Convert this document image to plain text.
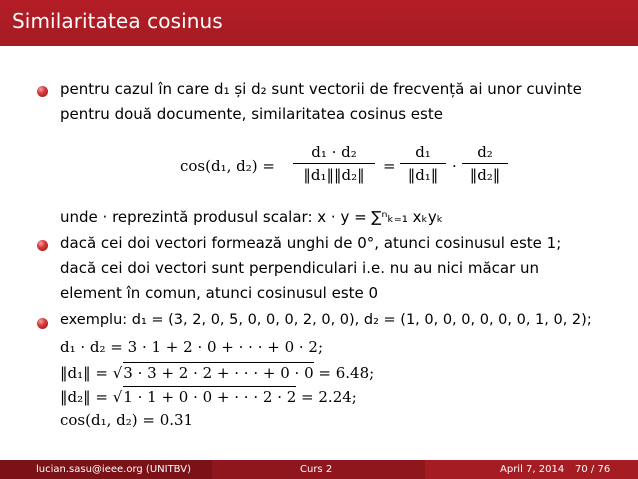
Similaritatea cosinus
pentru cazul în care d₁ și d₂ sunt vectorii de frecvență ai unor cuvinte
pentru două documente, similaritatea cosinus este
cos(d₁, d₂) =
d₁ · d₂
‖d₁‖‖d₂‖	=
d₁
‖d₁‖ ·
d₂
‖d₂‖
unde · reprezintă produsul scalar: x · y = ∑ⁿₖ₌₁ xₖyₖ
dacă cei doi vectori formează unghi de 0°, atunci cosinusul este 1;
dacă cei doi vectori sunt perpendiculari i.e. nu au nici măcar un
element în comun, atunci cosinusul este 0
exemplu: d₁ = (3, 2, 0, 5, 0, 0, 0, 2, 0, 0), d₂ = (1, 0, 0, 0, 0, 0, 0, 1, 0, 2);
d₁ · d₂ = 3 · 1 + 2 · 0 + · · · + 0 · 2;
‖d₁‖ = √3 · 3 + 2 · 2 + · · · + 0 · 0 = 6.48;
‖d₂‖ = √1 · 1 + 0 · 0 + · · · 2 · 2 = 2.24;
cos(d₁, d₂) = 0.31
lucian.sasu@ieee.org (UNITBV)	Curs 2	April 7, 2014 70 / 76
